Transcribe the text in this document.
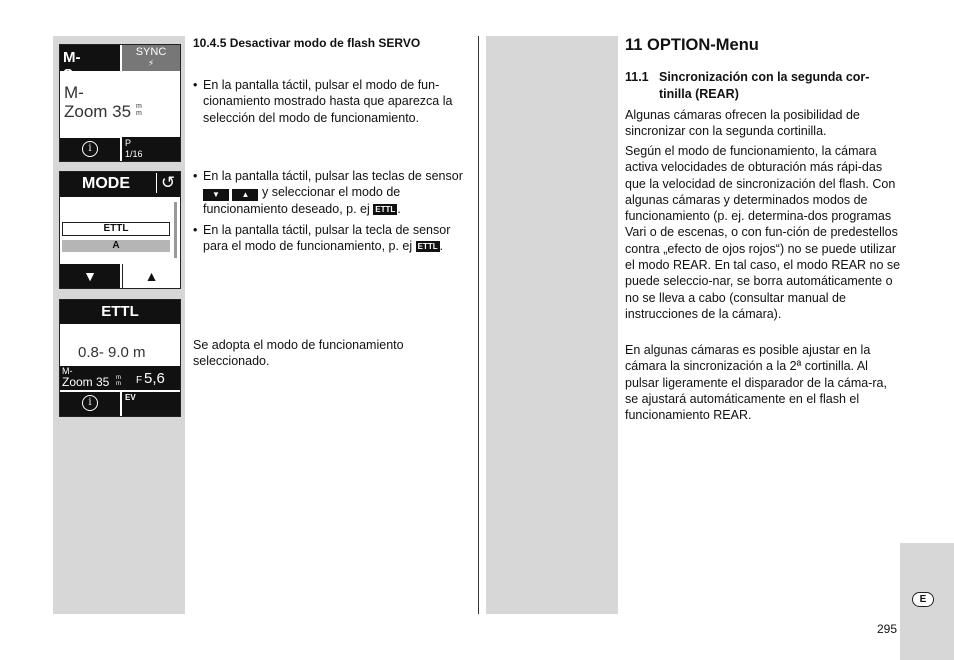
M-Servo
SYNC
⚡
M-
Zoom 35 m
m
i	P
1/16
MODE ↺
ETTL
A
▼	▲
ETTL
0.8- 9.0 m
M-
Zoom 35 m
m F 5,6
i	EV
10.4.5 Desactivar modo de flash SERVO
• En la pantalla táctil, pulsar el modo de fun-cionamiento mostrado hasta que aparezca la selección del modo de funcionamiento.
• En la pantalla táctil, pulsar las teclas de sensor ▼	▲ y seleccionar el modo de funcionamiento deseado, p. ej ETTL .
• En la pantalla táctil, pulsar la tecla de sensor para el modo de funcionamiento, p. ej ETTL .
Se adopta el modo de funcionamiento seleccionado.
11 OPTION-Menu
11.1 Sincronización con la segunda cor-
tinilla (REAR)
Algunas cámaras ofrecen la posibilidad de sincronizar con la segunda cortinilla.
Según el modo de funcionamiento, la cámara activa velocidades de obturación más rápi-das que la velocidad de sincronización del flash. Con algunas cámaras y determinados modos de funcionamiento (p. ej. determina-dos programas Vari o de escenas, o con fun-ción de predestellos contra „efecto de ojos rojos“) no se puede utilizar el modo REAR. En tal caso, el modo REAR no se puede seleccio-nar, se borra automáticamente o no se lleva a cabo (consultar manual de instrucciones de la cámara).
En algunas cámaras es posible ajustar en la cámara la sincronización a la 2ª cortinilla. Al pulsar ligeramente el disparador de la cáma-ra, se ajustará automáticamente en el flash el funcionamiento REAR.
E
295
